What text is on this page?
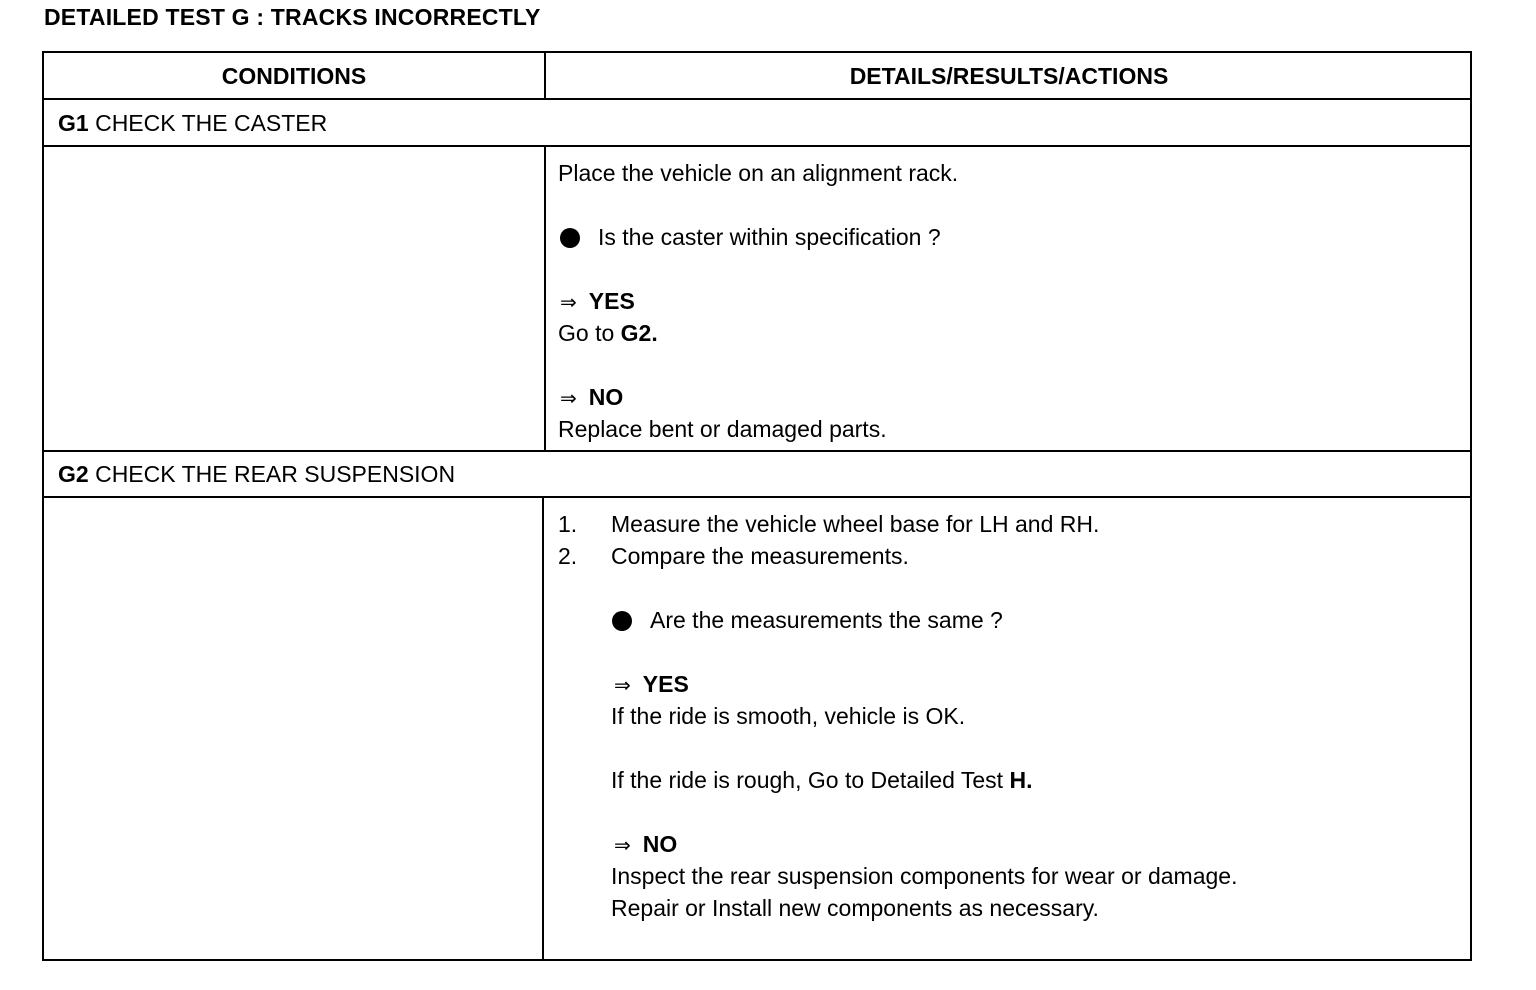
DETAILED TEST G : TRACKS INCORRECTLY
CONDITIONS	DETAILS/RESULTS/ACTIONS
G1 CHECK THE CASTER
Place the vehicle on an alignment rack.
Is the caster within specification ?
⇒ YES
Go to G2.
⇒ NO
Replace bent or damaged parts.
G2 CHECK THE REAR SUSPENSION
1. Measure the vehicle wheel base for LH and RH.
2. Compare the measurements.
Are the measurements the same ?
⇒ YES
If the ride is smooth, vehicle is OK.
If the ride is rough, Go to Detailed Test H.
⇒ NO
Inspect the rear suspension components for wear or damage.
Repair or Install new components as necessary.
